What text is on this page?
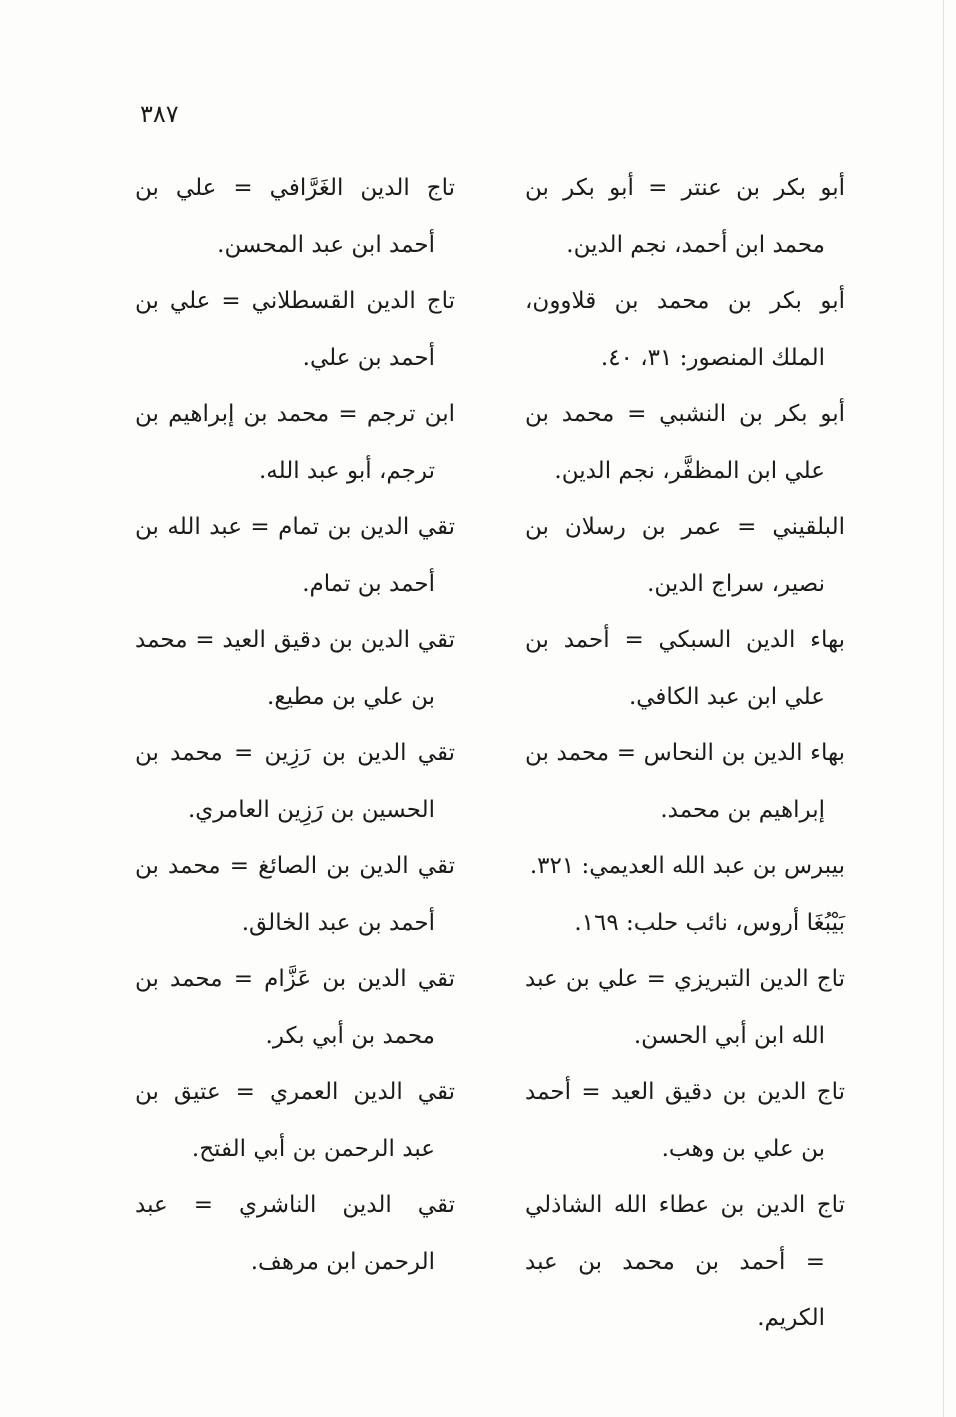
٣٨٧

أبو بكر بن عنتر = أبو بكر بن محمد ابن أحمد، نجم الدين.

أبو بكر بن محمد بن قلاوون، الملك المنصور: ٣١، ٤٠.

أبو بكر بن النشبي = محمد بن علي ابن المظفَّر، نجم الدين.

البلقيني = عمر بن رسلان بن نصير، سراج الدين.

بهاء الدين السبكي = أحمد بن علي ابن عبد الكافي.

بهاء الدين بن النحاس = محمد بن إبراهيم بن محمد.

بيبرس بن عبد الله العديمي: ٣٢١.

بَيْبُغَا أروس، نائب حلب: ١٦٩.

تاج الدين التبريزي = علي بن عبد الله ابن أبي الحسن.

تاج الدين بن دقيق العيد = أحمد بن علي بن وهب.

تاج الدين بن عطاء الله الشاذلي = أحمد بن محمد بن عبد الكريم.

تاج الدين الغَرَّافي = علي بن أحمد ابن عبد المحسن.

تاج الدين القسطلاني = علي بن أحمد بن علي.

ابن ترجم = محمد بن إبراهيم بن ترجم، أبو عبد الله.

تقي الدين بن تمام = عبد الله بن أحمد بن تمام.

تقي الدين بن دقيق العيد = محمد بن علي بن مطيع.

تقي الدين بن رَزِين = محمد بن الحسين بن رَزِين العامري.

تقي الدين بن الصائغ = محمد بن أحمد بن عبد الخالق.

تقي الدين بن عَزَّام = محمد بن محمد بن أبي بكر.

تقي الدين العمري = عتيق بن عبد الرحمن بن أبي الفتح.

تقي الدين الناشري = عبد الرحمن ابن مرهف.
